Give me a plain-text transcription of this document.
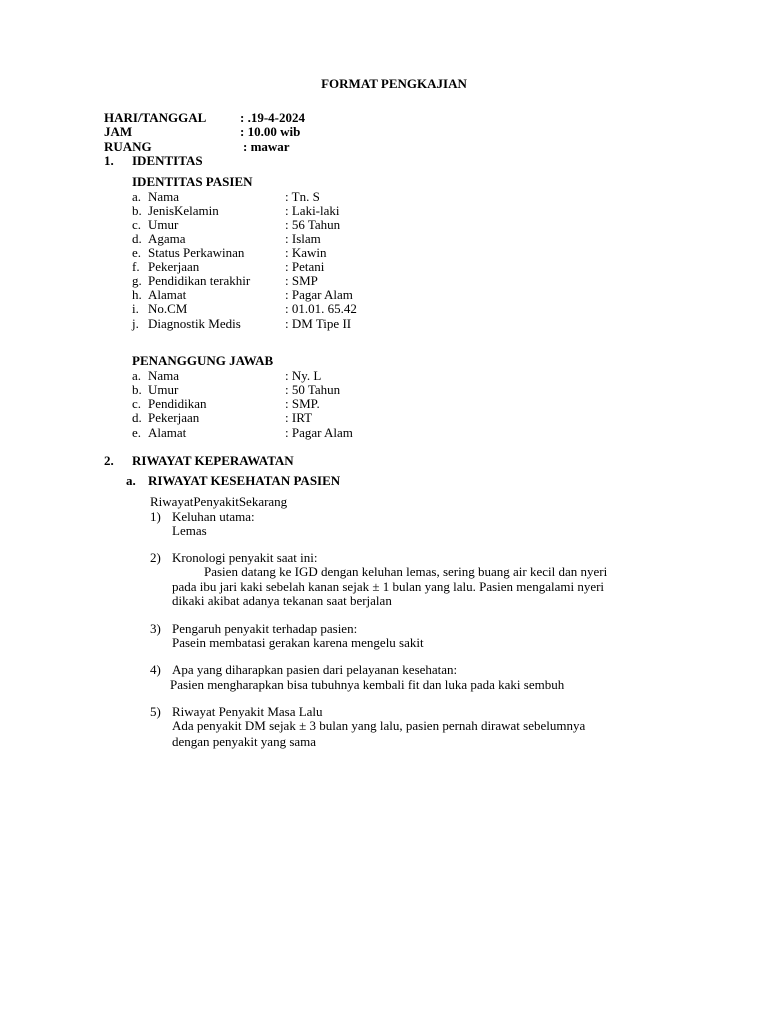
FORMAT PENGKAJIAN
HARI/TANGGAL	: .19-4-2024
JAM	: 10.00 wib
RUANG	: mawar
1. IDENTITAS
IDENTITAS PASIEN
a. Nama	: Tn. S
b. JenisKelamin	: Laki-laki
c. Umur	: 56 Tahun
d. Agama	: Islam
e. Status Perkawinan	: Kawin
f. Pekerjaan	: Petani
g. Pendidikan terakhir	: SMP
h. Alamat	: Pagar Alam
i. No.CM	: 01.01. 65.42
j. Diagnostik Medis	: DM Tipe II
PENANGGUNG JAWAB
a. Nama	: Ny. L
b. Umur	: 50 Tahun
c. Pendidikan	: SMP.
d. Pekerjaan	: IRT
e. Alamat	: Pagar Alam
2. RIWAYAT KEPERAWATAN
a. RIWAYAT KESEHATAN PASIEN
RiwayatPenyakitSekarang
1) Keluhan utama:
Lemas
2) Kronologi penyakit saat ini:
Pasien datang ke IGD dengan keluhan lemas, sering buang air kecil dan nyeri
pada ibu jari kaki sebelah kanan sejak ± 1 bulan yang lalu. Pasien mengalami nyeri
dikaki akibat adanya tekanan saat berjalan
3) Pengaruh penyakit terhadap pasien:
Pasein membatasi gerakan karena mengelu sakit
4) Apa yang diharapkan pasien dari pelayanan kesehatan:
Pasien mengharapkan bisa tubuhnya kembali fit dan luka pada kaki sembuh
5) Riwayat Penyakit Masa Lalu
Ada penyakit DM sejak ± 3 bulan yang lalu, pasien pernah dirawat sebelumnya
dengan penyakit yang sama
